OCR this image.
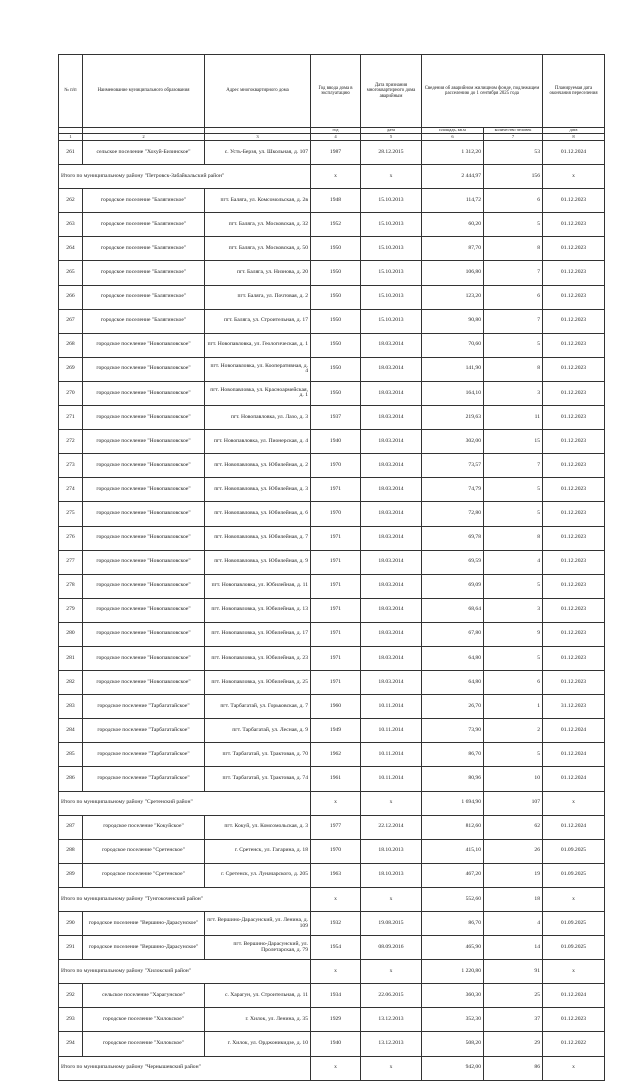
№ п/п	Наименование муниципального образования	Адрес многоквартирного дома	Год ввода дома в эксплуатацию	Дата признания многоквартирного дома аварийным	Сведения об аварийном жилищном фонде, подлежащем расселению до 1 сентября 2025 года		Планируемая дата окончания переселения
			год	дата	площадь, кв.м	количество человек	дата
1	2	3	4	5	6	7	8
261	сельское поселение "Хохуй-Бизинское"	с. Усть-Берзя, ул. Школьная, д. 107	1987	28.12.2015	1 312,20	53	01.12.2024
Итого по муниципальному району "Петровск-Забайкальский район"			x	x	2 444,97	156	x
262	городское поселение "Балягинское"	пгт. Балягa, ул. Комсомольская, д. 2в	1948	15.10.2013	114,72	6	01.12.2023
263	городское поселение "Балягинское"	пгт. Балягa, ул. Московская, д. 32	1952	15.10.2013	60,20	5	01.12.2023
264	городское поселение "Балягинское"	пгт. Балягa, ул. Московская, д. 50	1950	15.10.2013	87,70	8	01.12.2023
265	городское поселение "Балягинское"	пгт. Балягa, ул. Низнова, д. 20	1950	15.10.2013	106,80	7	01.12.2023
266	городское поселение "Балягинское"	пгт. Балягa, ул. Почтовая, д. 2	1950	15.10.2013	123,20	6	01.12.2023
267	городское поселение "Балягинское"	пгт. Балягa, ул. Строительная, д. 17	1950	15.10.2013	90,80	7	01.12.2023
268	городское поселение "Новопавловское"	пгт. Новопавловка, ул. Геологическая, д. 1	1950	18.03.2014	70,60	5	01.12.2023
269	городское поселение "Новопавловское"	пгт. Новопавловка, ул. Кооперативная, д. 4	1950	18.03.2014	141,90	8	01.12.2023
270	городское поселение "Новопавловское"	пгт. Новопавловка, ул. Красноармейская, д. 1	1950	18.03.2014	164,10	3	01.12.2023
271	городское поселение "Новопавловское"	пгт. Новопавловка, ул. Лазо, д. 3	1937	18.03.2014	219,63	11	01.12.2023
272	городское поселение "Новопавловское"	пгт. Новопавловка, ул. Пионерская, д. 4	1940	18.03.2014	302,00	15	01.12.2023
273	городское поселение "Новопавловское"	пгт. Новопавловка, ул. Юбилейная, д. 2	1970	18.03.2014	73,57	7	01.12.2023
274	городское поселение "Новопавловское"	пгт. Новопавловка, ул. Юбилейная, д. 3	1971	18.03.2014	74,79	5	01.12.2023
275	городское поселение "Новопавловское"	пгт. Новопавловка, ул. Юбилейная, д. 6	1970	18.03.2014	72,80	5	01.12.2023
276	городское поселение "Новопавловское"	пгт. Новопавловка, ул. Юбилейная, д. 7	1971	18.03.2014	69,78	8	01.12.2023
277	городское поселение "Новопавловское"	пгт. Новопавловка, ул. Юбилейная, д. 9	1971	18.03.2014	69,59	4	01.12.2023
278	городское поселение "Новопавловское"	пгт. Новопавловка, ул. Юбилейная, д. 11	1971	18.03.2014	69,09	5	01.12.2023
279	городское поселение "Новопавловское"	пгт. Новопавловка, ул. Юбилейная, д. 13	1971	18.03.2014	68,64	3	01.12.2023
280	городское поселение "Новопавловское"	пгт. Новопавловка, ул. Юбилейная, д. 17	1971	18.03.2014	67,80	9	01.12.2023
281	городское поселение "Новопавловское"	пгт. Новопавловка, ул. Юбилейная, д. 23	1971	18.03.2014	64,80	5	01.12.2023
282	городское поселение "Новопавловское"	пгт. Новопавловка, ул. Юбилейная, д. 25	1971	18.03.2014	64,80	6	01.12.2023
283	городское поселение "Тарбагатайское"	пгт. Тарбагатай, ул. Горьковская, д. 7	1960	10.11.2014	26,70	1	31.12.2023
284	городское поселение "Тарбагатайское"	пгт. Тарбагатай, ул. Лесная, д. 9	1949	10.11.2014	73,90	2	01.12.2024
285	городское поселение "Тарбагатайское"	пгт. Тарбагатай, ул. Трактовая, д. 70	1962	10.11.2014	86,70	5	01.12.2024
286	городское поселение "Тарбагатайское"	пгт. Тарбагатай, ул. Трактовая, д. 74	1961	10.11.2014	80,96	10	01.12.2024
Итого по муниципальному району "Сретенский район"			x	x	1 694,90	107	x
287	городское поселение "Кокуйское"	пгт. Кокуй, ул. Комсомольская, д. 3	1977	22.12.2014	812,60	62	01.12.2024
288	городское поселение "Сретенское"	г. Сретенск, ул. Гагарина, д. 18	1970	18.10.2013	415,10	26	01.09.2025
289	городское поселение "Сретенское"	г. Сретенск, ул. Луначарского, д. 205	1963	18.10.2013	467,20	19	01.09.2025
Итого по муниципальному району "Тунгокоченский район"			x	x	552,60	18	x
290	городское поселение "Вершино-Дарасунское"	пгт. Вершино-Дарасунский, ул. Ленина, д. 109	1932	19.08.2015	86,70	4	01.09.2025
291	городское поселение "Вершино-Дарасунское"	пгт. Вершино-Дарасунский, ул. Пролетарская, д. 79	1954	08.09.2016	465,90	14	01.09.2025
Итого по муниципальному району "Хилокский район"			x	x	1 220,80	91	x
292	сельское поселение "Харагунское"	с. Харагун, ул. Строительная, д. 11	1934	22.06.2015	360,30	25	01.12.2024
293	городское поселение "Хилокское"	г. Хилок, ул. Ленина, д. 35	1929	13.12.2013	352,30	37	01.12.2023
294	городское поселение "Хилокское"	г. Хилок, ул. Орджоникидзе, д. 10	1940	13.12.2013	508,20	29	01.12.2022
Итого по муниципальному району "Чернышевский район"			x	x	942,00	86	x
